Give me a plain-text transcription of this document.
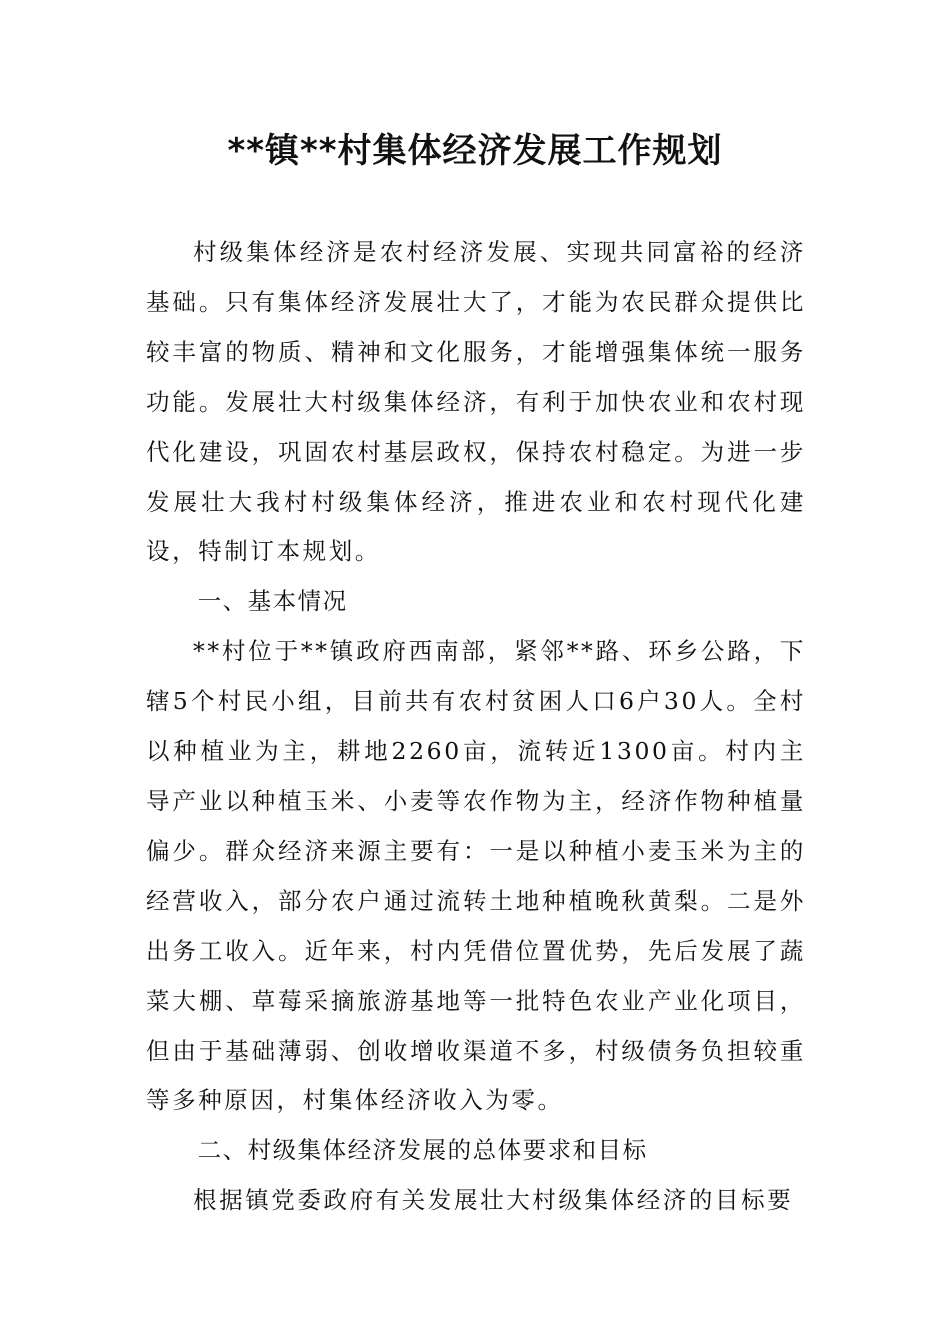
**镇**村集体经济发展工作规划

村级集体经济是农村经济发展、实现共同富裕的经济基础。只有集体经济发展壮大了，才能为农民群众提供比较丰富的物质、精神和文化服务，才能增强集体统一服务功能。发展壮大村级集体经济，有利于加快农业和农村现代化建设，巩固农村基层政权，保持农村稳定。为进一步发展壮大我村村级集体经济，推进农业和农村现代化建设，特制订本规划。

一、基本情况

**村位于**镇政府西南部，紧邻**路、环乡公路，下辖5个村民小组，目前共有农村贫困人口6户30人。全村以种植业为主，耕地2260亩，流转近1300亩。村内主导产业以种植玉米、小麦等农作物为主，经济作物种植量偏少。群众经济来源主要有：一是以种植小麦玉米为主的经营收入，部分农户通过流转土地种植晚秋黄梨。二是外出务工收入。近年来，村内凭借位置优势，先后发展了蔬菜大棚、草莓采摘旅游基地等一批特色农业产业化项目，但由于基础薄弱、创收增收渠道不多，村级债务负担较重等多种原因，村集体经济收入为零。

二、村级集体经济发展的总体要求和目标

根据镇党委政府有关发展壮大村级集体经济的目标要
